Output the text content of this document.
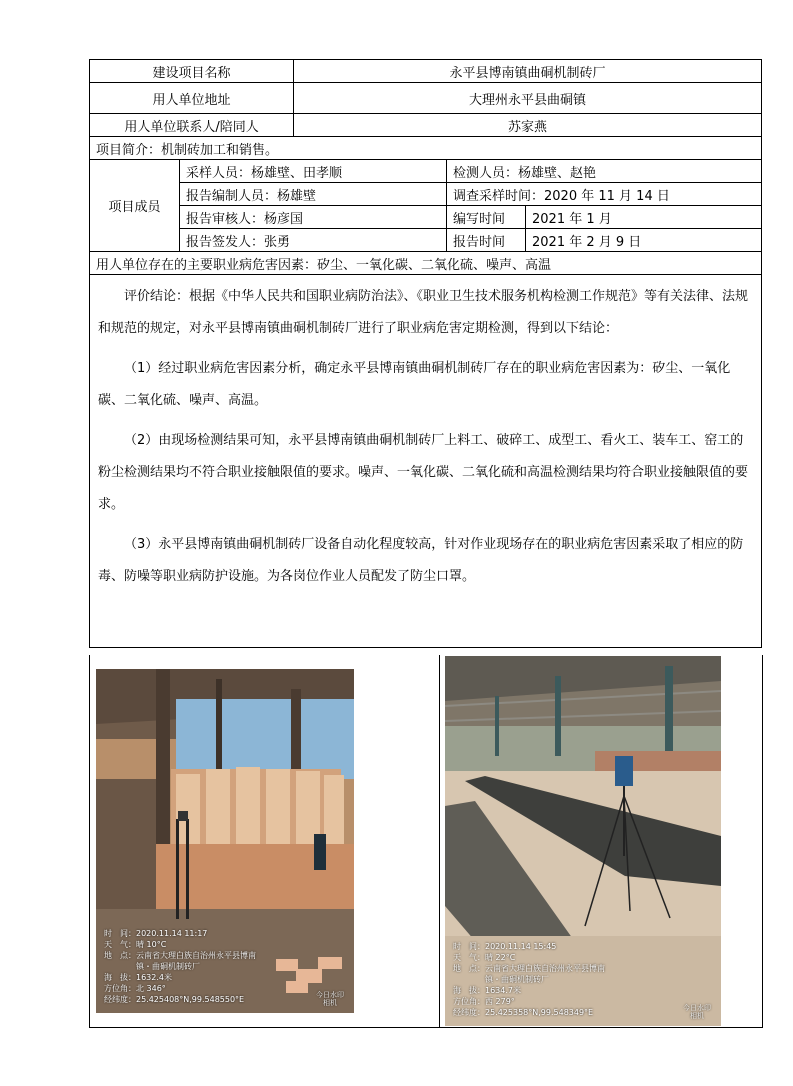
建设项目名称		永平县博南镇曲硐机制砖厂		
用人单位地址		大理州永平县曲硐镇		
用人单位联系人/陪同人		苏家燕		
项目简介：机制砖加工和销售。				
项目成员	采样人员：杨雄壁、田孝顺		检测人员：杨雄壁、赵艳	
	报告编制人员：杨雄壁		调查采样时间：2020 年 11 月 14 日	
	报告审核人：杨彦国		编写时间	2021 年 1 月
	报告签发人：张勇		报告时间	2021 年 2 月 9 日
用人单位存在的主要职业病危害因素：矽尘、一氧化碳、二氧化硫、噪声、高温				

评价结论：根据《中华人民共和国职业病防治法》、《职业卫生技术服务机构检测工作规范》等有关法律、法规和规范的规定，对永平县博南镇曲硐机制砖厂进行了职业病危害定期检测，得到以下结论：

（1）经过职业病危害因素分析，确定永平县博南镇曲硐机制砖厂存在的职业病危害因素为：矽尘、一氧化碳、二氧化硫、噪声、高温。

（2）由现场检测结果可知，永平县博南镇曲硐机制砖厂上料工、破碎工、成型工、看火工、装车工、窑工的粉尘检测结果均不符合职业接触限值的要求。噪声、一氧化碳、二氧化硫和高温检测结果均符合职业接触限值的要求。

（3）永平县博南镇曲硐机制砖厂设备自动化程度较高，针对作业现场存在的职业病危害因素采取了相应的防毒、防噪等职业病防护设施。为各岗位作业人员配发了防尘口罩。				

时　间：2020.11.14 11:17
天　气：晴 10°C
地　点：云南省大理白族自治州永平县博南
　　　　镇・曲硐机制砖厂
海　拔：1632.4米
方位角：北 346°
经纬度：25.425408°N,99.548550°E	今日水印
相机
时　间：2020.11.14 15:45
天　气：晴 22°C
地　点：云南省大理白族自治州永平县博南
　　　　镇・曲硐机制砖厂
海　拔：1634.7米
方位角：西 279°
经纬度：25.425358°N,99.548349°E	今日水印
相机
